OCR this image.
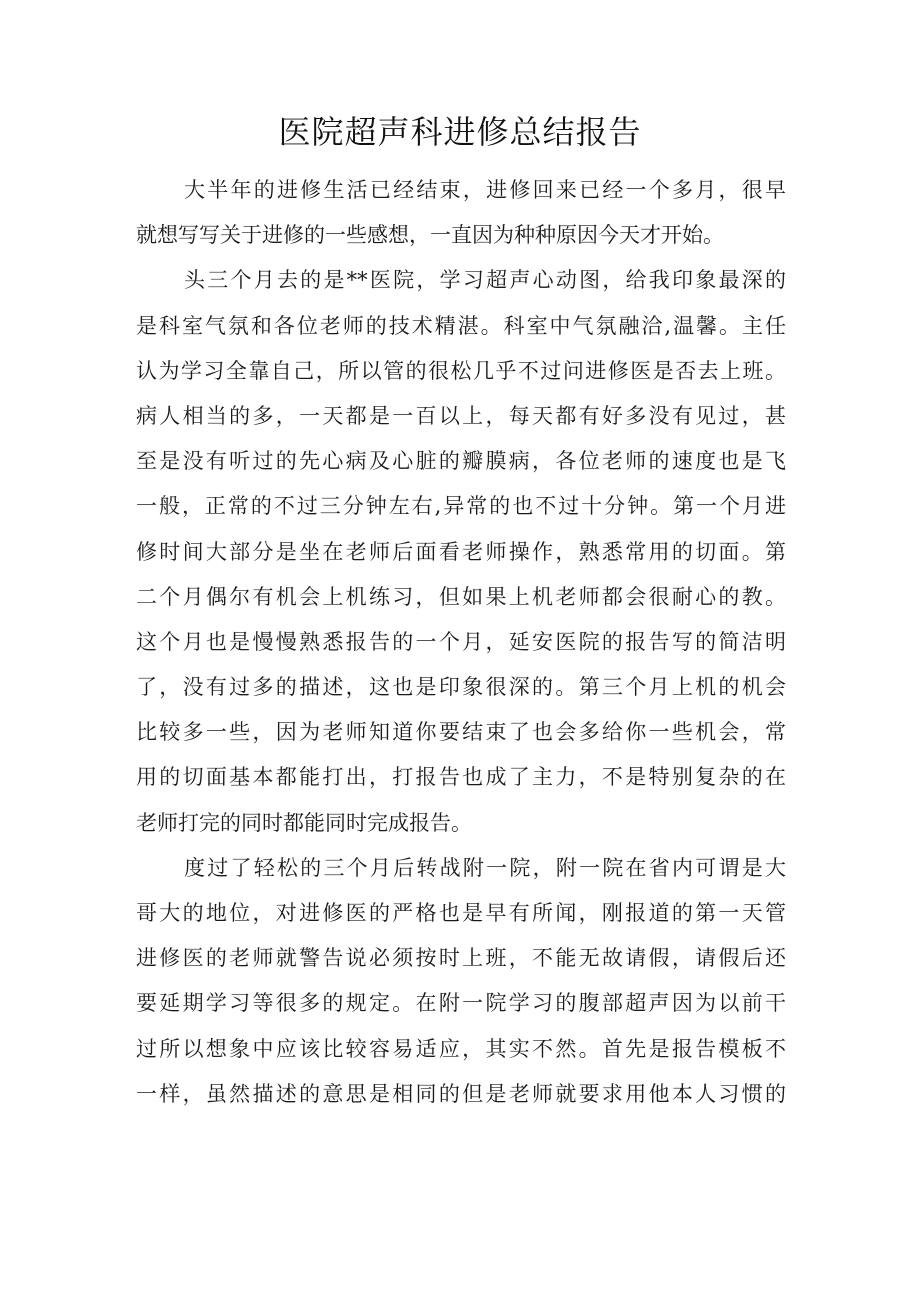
医院超声科进修总结报告
大半年的进修生活已经结束，进修回来已经一个多月，很早
就想写写关于进修的一些感想，一直因为种种原因今天才开始。
头三个月去的是**医院，学习超声心动图，给我印象最深的
是科室气氛和各位老师的技术精湛。科室中气氛融洽,温馨。主任
认为学习全靠自己，所以管的很松几乎不过问进修医是否去上班。
病人相当的多，一天都是一百以上，每天都有好多没有见过，甚
至是没有听过的先心病及心脏的瓣膜病，各位老师的速度也是飞
一般，正常的不过三分钟左右,异常的也不过十分钟。第一个月进
修时间大部分是坐在老师后面看老师操作，熟悉常用的切面。第
二个月偶尔有机会上机练习，但如果上机老师都会很耐心的教。
这个月也是慢慢熟悉报告的一个月，延安医院的报告写的简洁明
了，没有过多的描述，这也是印象很深的。第三个月上机的机会
比较多一些，因为老师知道你要结束了也会多给你一些机会，常
用的切面基本都能打出，打报告也成了主力，不是特别复杂的在
老师打完的同时都能同时完成报告。
度过了轻松的三个月后转战附一院，附一院在省内可谓是大
哥大的地位，对进修医的严格也是早有所闻，刚报道的第一天管
进修医的老师就警告说必须按时上班，不能无故请假，请假后还
要延期学习等很多的规定。在附一院学习的腹部超声因为以前干
过所以想象中应该比较容易适应，其实不然。首先是报告模板不
一样，虽然描述的意思是相同的但是老师就要求用他本人习惯的
